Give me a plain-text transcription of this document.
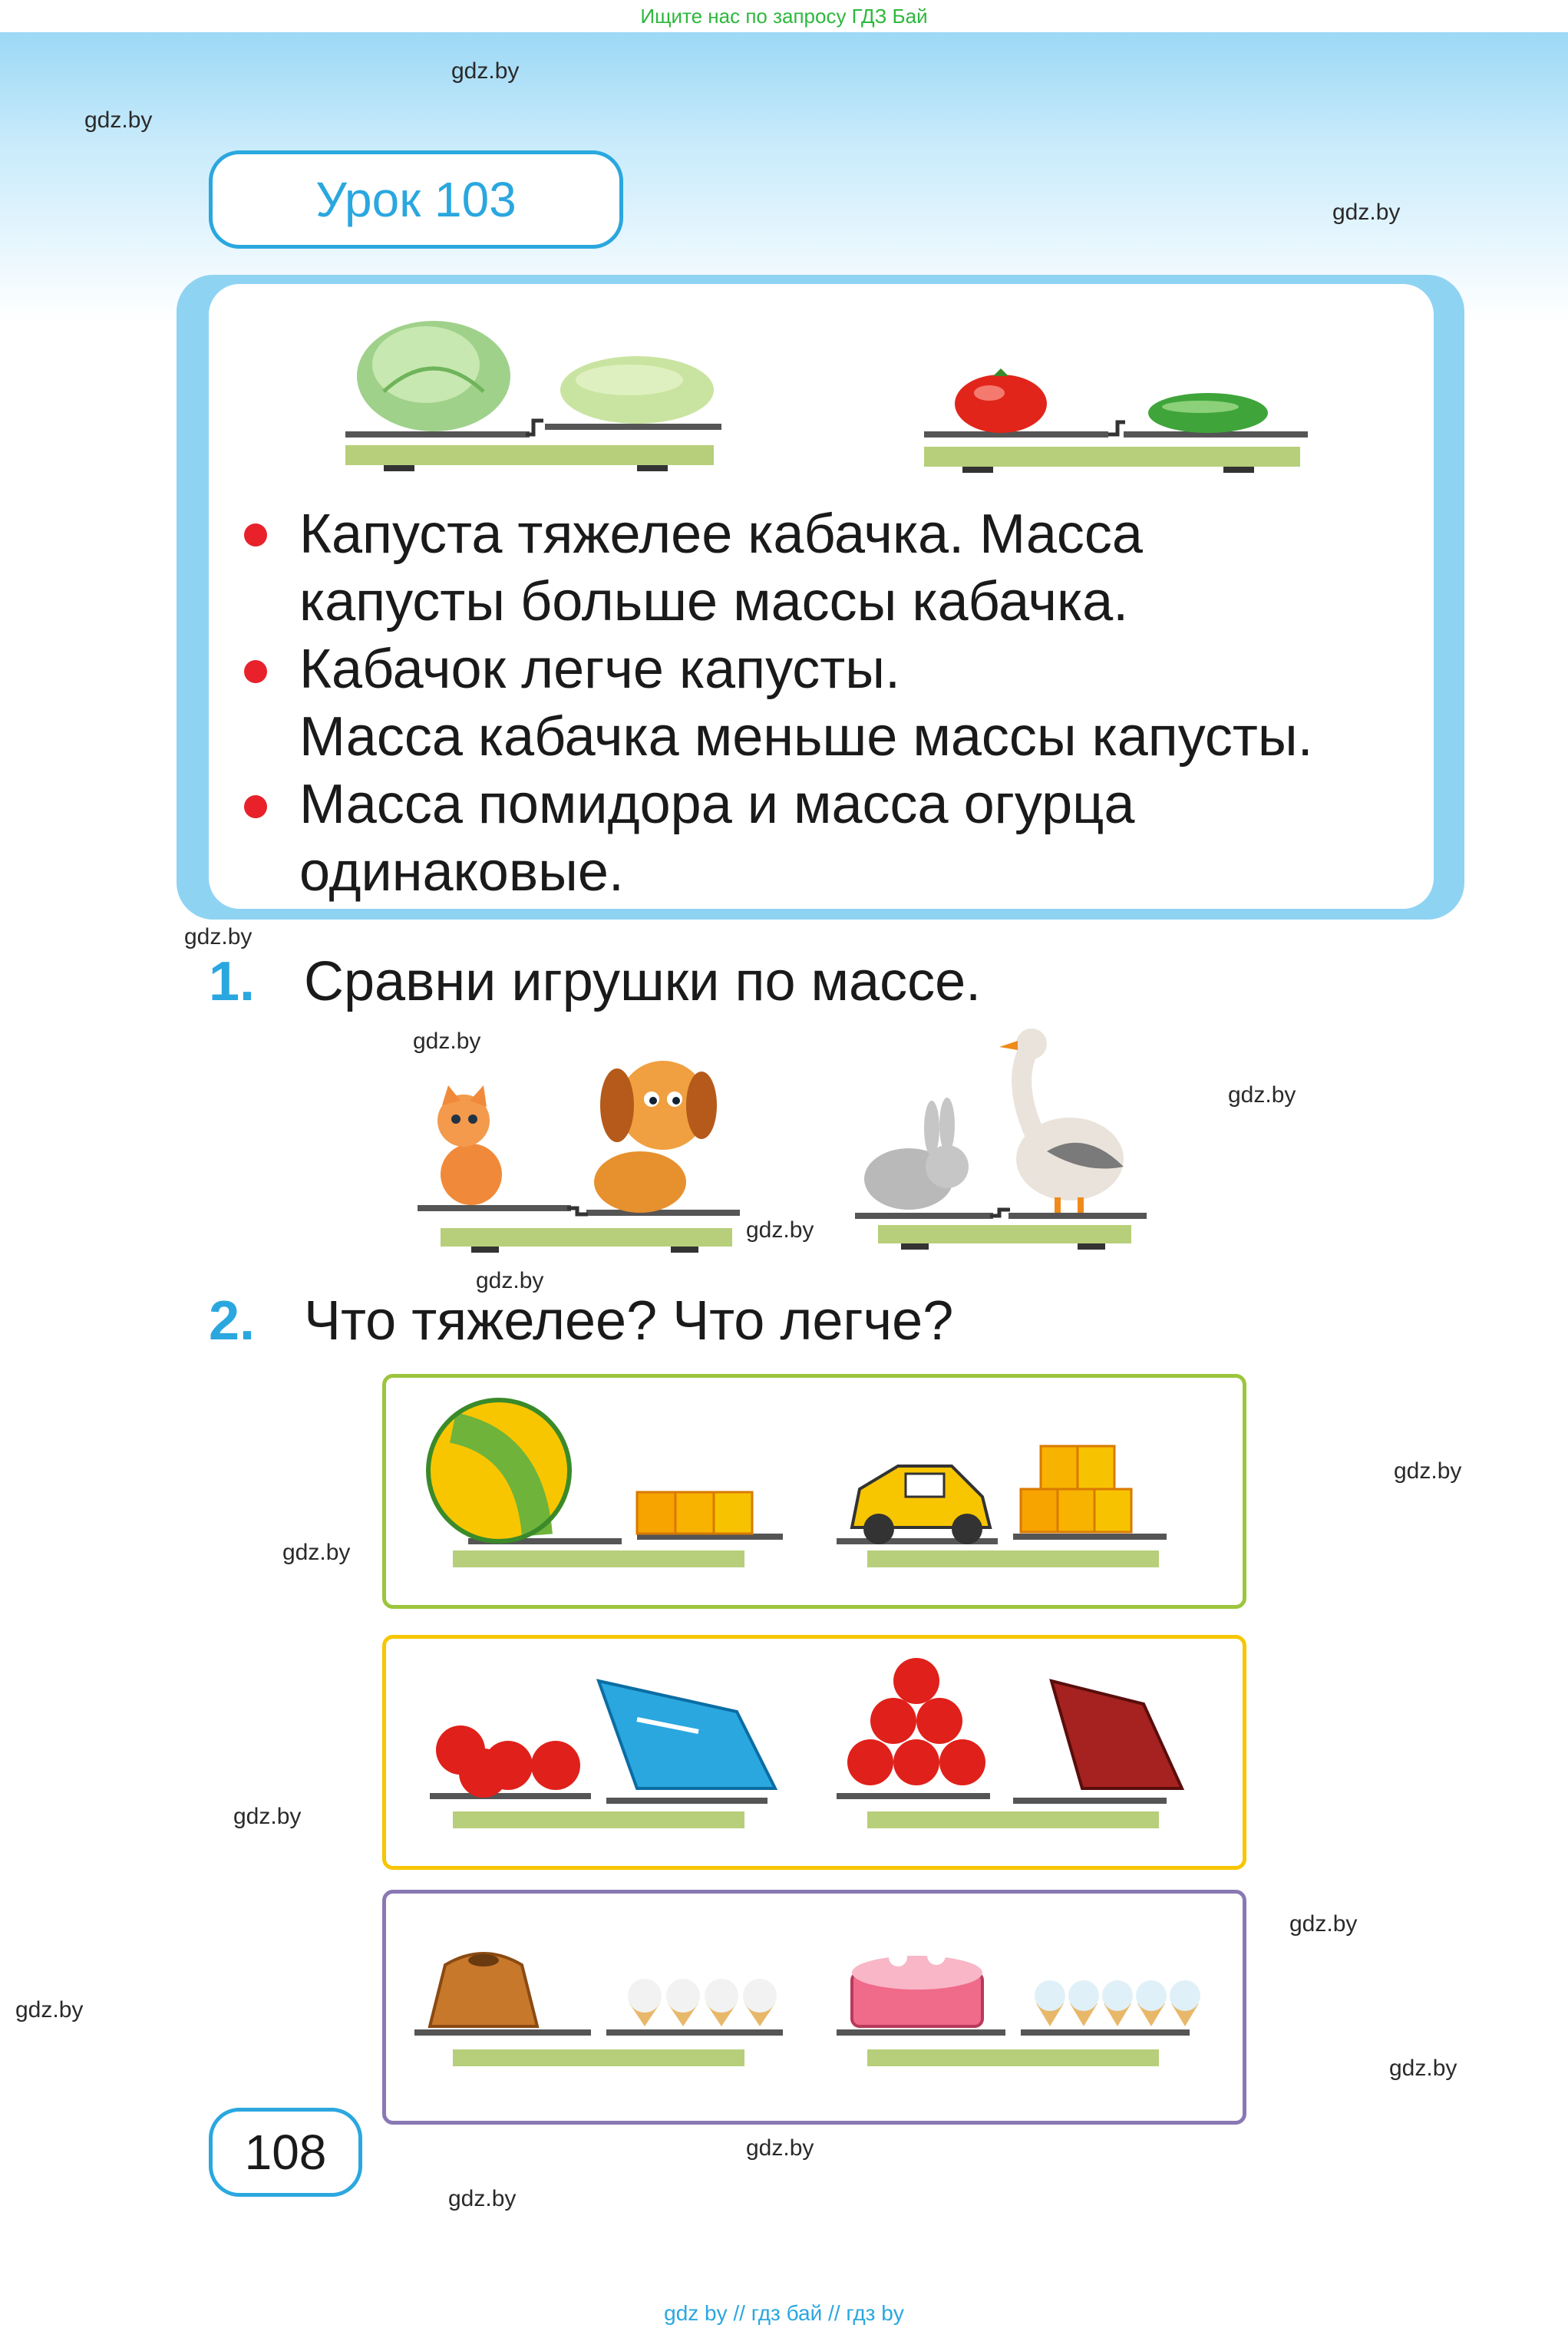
Ищите нас по запросу ГДЗ Бай
gdz.by
gdz.by
gdz.by
gdz.by
gdz.by
gdz.by
gdz.by
gdz.by
gdz.by
gdz.by
gdz.by
gdz.by
gdz.by
gdz.by
gdz.by
gdz.by
Урок 103
Капуста тяжелее кабачка. Масса
капусты больше массы кабачка.
Кабачок легче капусты.
Масса кабачка меньше массы капусты.
Масса помидора и масса огурца
одинаковые.
1. Сравни игрушки по массе.
2. Что тяжелее? Что легче?
108
gdz by // гдз бай // гдз by
